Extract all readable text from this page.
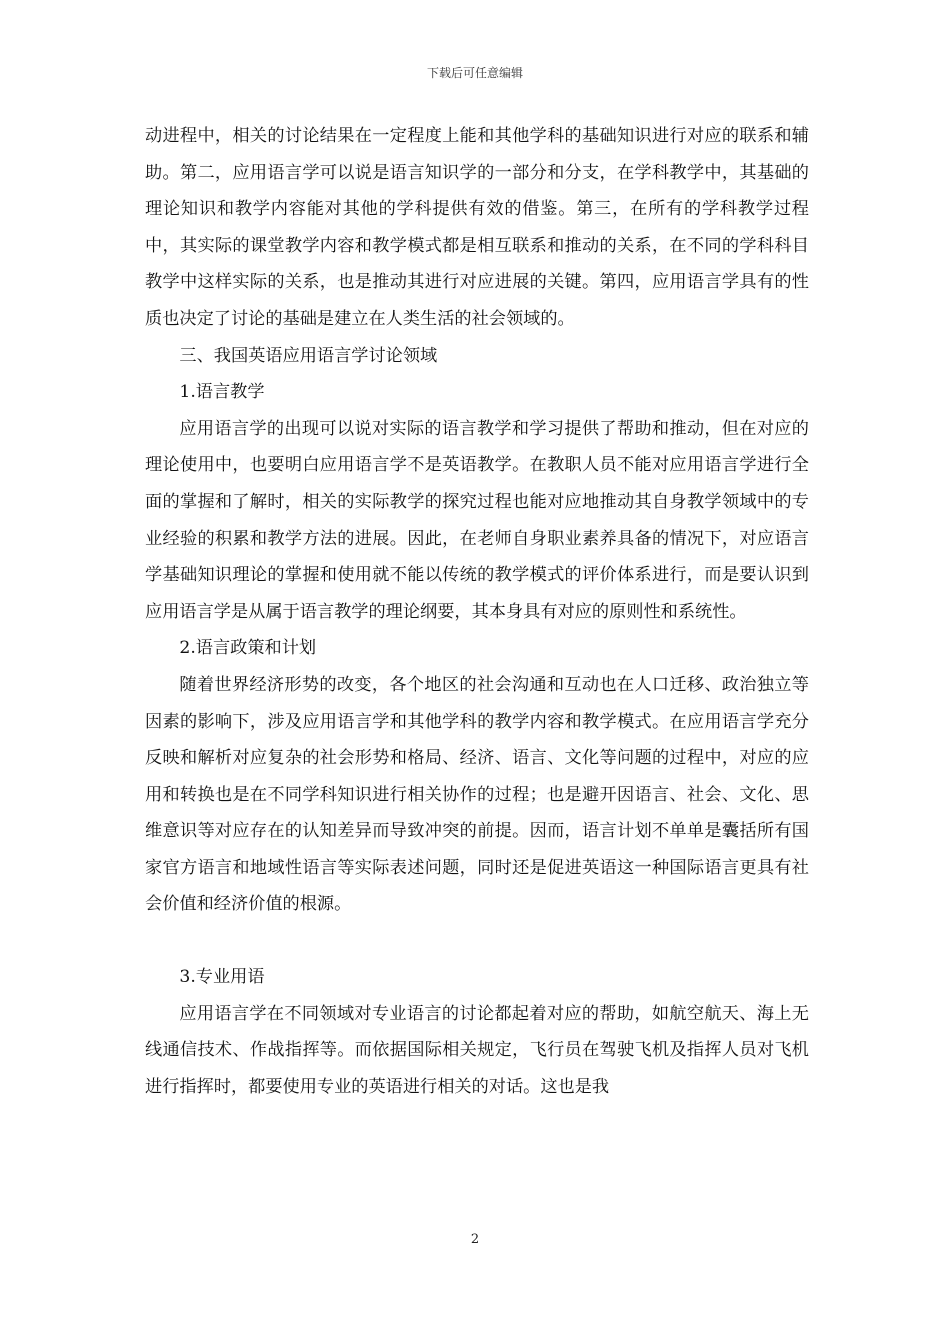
下载后可任意编辑

动进程中，相关的讨论结果在一定程度上能和其他学科的基础知识进行对应的联系和辅助。第二，应用语言学可以说是语言知识学的一部分和分支，在学科教学中，其基础的理论知识和教学内容能对其他的学科提供有效的借鉴。第三，在所有的学科教学过程中，其实际的课堂教学内容和教学模式都是相互联系和推动的关系，在不同的学科科目教学中这样实际的关系，也是推动其进行对应进展的关键。第四，应用语言学具有的性质也决定了讨论的基础是建立在人类生活的社会领域的。

三、我国英语应用语言学讨论领域

1.语言教学

应用语言学的出现可以说对实际的语言教学和学习提供了帮助和推动，但在对应的理论使用中，也要明白应用语言学不是英语教学。在教职人员不能对应用语言学进行全面的掌握和了解时，相关的实际教学的探究过程也能对应地推动其自身教学领域中的专业经验的积累和教学方法的进展。因此，在老师自身职业素养具备的情况下，对应语言学基础知识理论的掌握和使用就不能以传统的教学模式的评价体系进行，而是要认识到应用语言学是从属于语言教学的理论纲要，其本身具有对应的原则性和系统性。

2.语言政策和计划

随着世界经济形势的改变，各个地区的社会沟通和互动也在人口迁移、政治独立等因素的影响下，涉及应用语言学和其他学科的教学内容和教学模式。在应用语言学充分反映和解析对应复杂的社会形势和格局、经济、语言、文化等问题的过程中，对应的应用和转换也是在不同学科知识进行相关协作的过程；也是避开因语言、社会、文化、思维意识等对应存在的认知差异而导致冲突的前提。因而，语言计划不单单是囊括所有国家官方语言和地域性语言等实际表述问题，同时还是促进英语这一种国际语言更具有社会价值和经济价值的根源。

3.专业用语

应用语言学在不同领域对专业语言的讨论都起着对应的帮助，如航空航天、海上无线通信技术、作战指挥等。而依据国际相关规定，飞行员在驾驶飞机及指挥人员对飞机进行指挥时，都要使用专业的英语进行相关的对话。这也是我

2
